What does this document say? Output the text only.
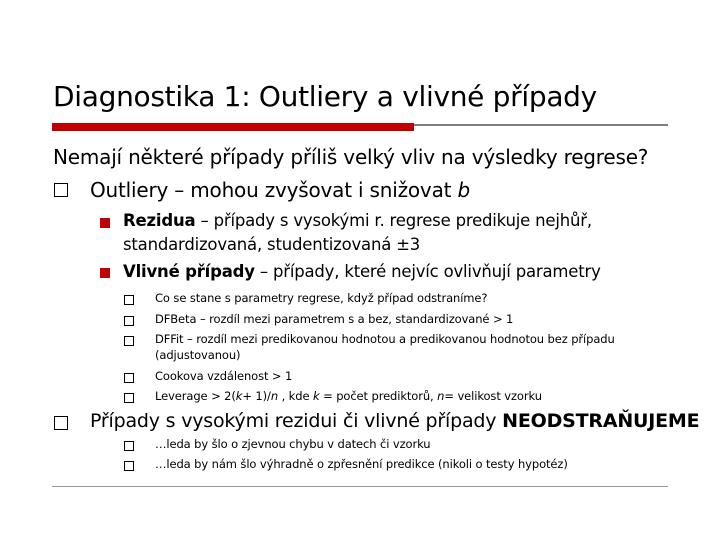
Diagnostika 1: Outliery a vlivné případy
Nemají některé případy příliš velký vliv na výsledky regrese?
Outliery – mohou zvyšovat i snižovat b
Rezidua – případy s vysokými r. regrese predikuje nejhůř,
standardizovaná, studentizovaná ±3
Vlivné případy – případy, které nejvíc ovlivňují parametry
Co se stane s parametry regrese, když případ odstraníme?
DFBeta – rozdíl mezi parametrem s a bez, standardizované > 1
DFFit – rozdíl mezi predikovanou hodnotou a predikovanou hodnotou bez případu
(adjustovanou)
Cookova vzdálenost > 1
Leverage > 2(k+ 1)/n , kde k = počet prediktorů, n= velikost vzorku
Případy s vysokými rezidui či vlivné případy NEODSTRAŇUJEME
…leda by šlo o zjevnou chybu v datech či vzorku
…leda by nám šlo výhradně o zpřesnění predikce (nikoli o testy hypotéz)
